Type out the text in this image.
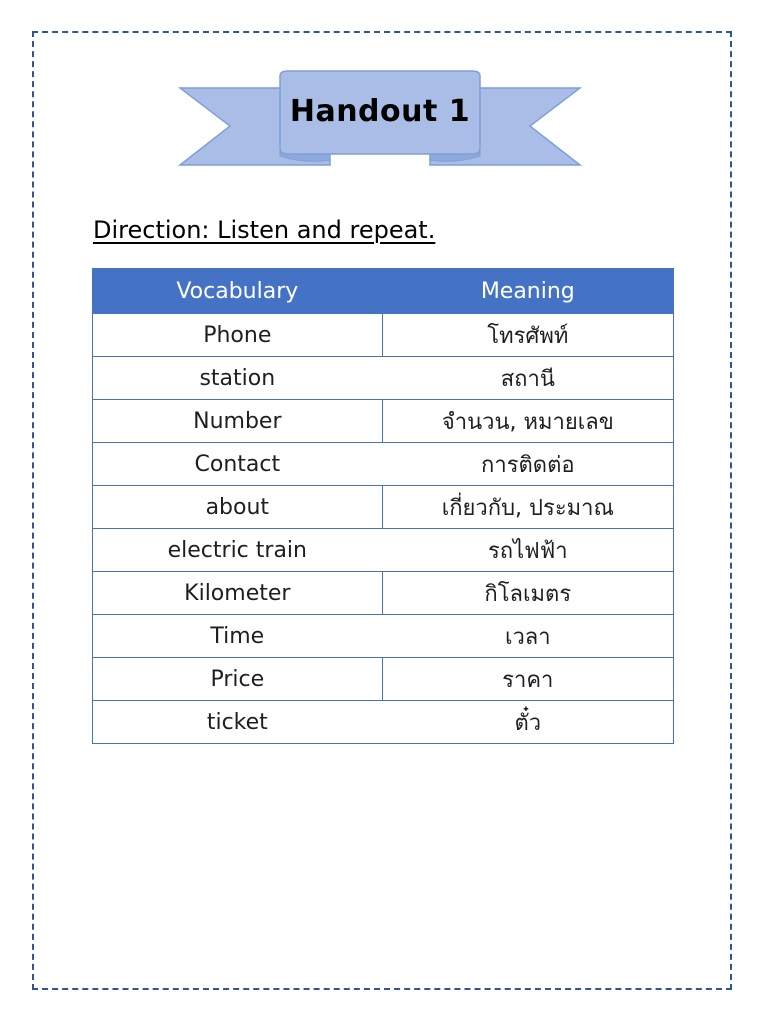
Handout 1
Direction: Listen and repeat.
Vocabulary	Meaning
Phone	โทรศัพท์
station	สถานี
Number	จำนวน, หมายเลข
Contact	การติดต่อ
about	เกี่ยวกับ, ประมาณ
electric train	รถไฟฟ้า
Kilometer	กิโลเมตร
Time	เวลา
Price	ราคา
ticket	ตั๋ว
